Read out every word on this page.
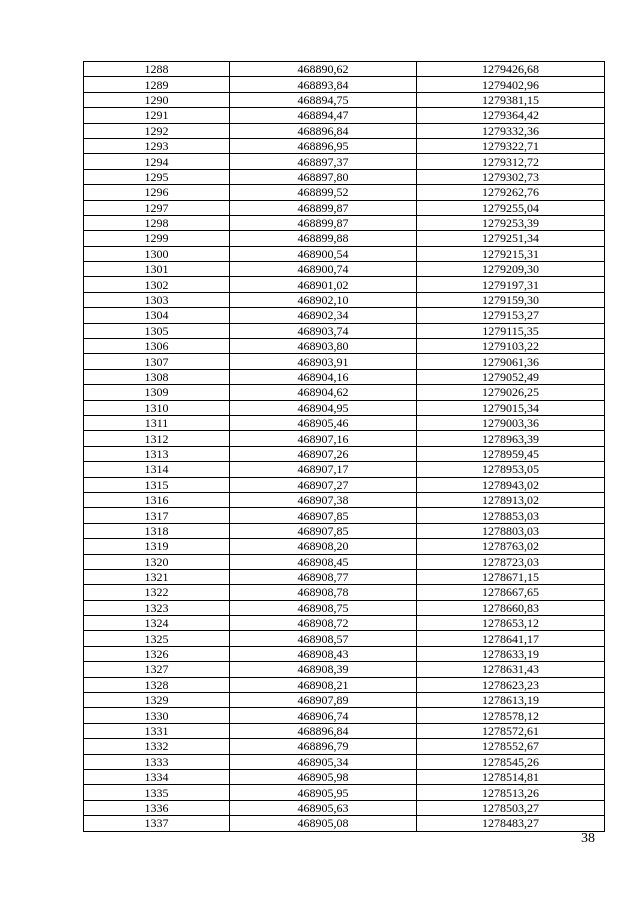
1288	468890,62	1279426,68
1289	468893,84	1279402,96
1290	468894,75	1279381,15
1291	468894,47	1279364,42
1292	468896,84	1279332,36
1293	468896,95	1279322,71
1294	468897,37	1279312,72
1295	468897,80	1279302,73
1296	468899,52	1279262,76
1297	468899,87	1279255,04
1298	468899,87	1279253,39
1299	468899,88	1279251,34
1300	468900,54	1279215,31
1301	468900,74	1279209,30
1302	468901,02	1279197,31
1303	468902,10	1279159,30
1304	468902,34	1279153,27
1305	468903,74	1279115,35
1306	468903,80	1279103,22
1307	468903,91	1279061,36
1308	468904,16	1279052,49
1309	468904,62	1279026,25
1310	468904,95	1279015,34
1311	468905,46	1279003,36
1312	468907,16	1278963,39
1313	468907,26	1278959,45
1314	468907,17	1278953,05
1315	468907,27	1278943,02
1316	468907,38	1278913,02
1317	468907,85	1278853,03
1318	468907,85	1278803,03
1319	468908,20	1278763,02
1320	468908,45	1278723,03
1321	468908,77	1278671,15
1322	468908,78	1278667,65
1323	468908,75	1278660,83
1324	468908,72	1278653,12
1325	468908,57	1278641,17
1326	468908,43	1278633,19
1327	468908,39	1278631,43
1328	468908,21	1278623,23
1329	468907,89	1278613,19
1330	468906,74	1278578,12
1331	468896,84	1278572,61
1332	468896,79	1278552,67
1333	468905,34	1278545,26
1334	468905,98	1278514,81
1335	468905,95	1278513,26
1336	468905,63	1278503,27
1337	468905,08	1278483,27
38
